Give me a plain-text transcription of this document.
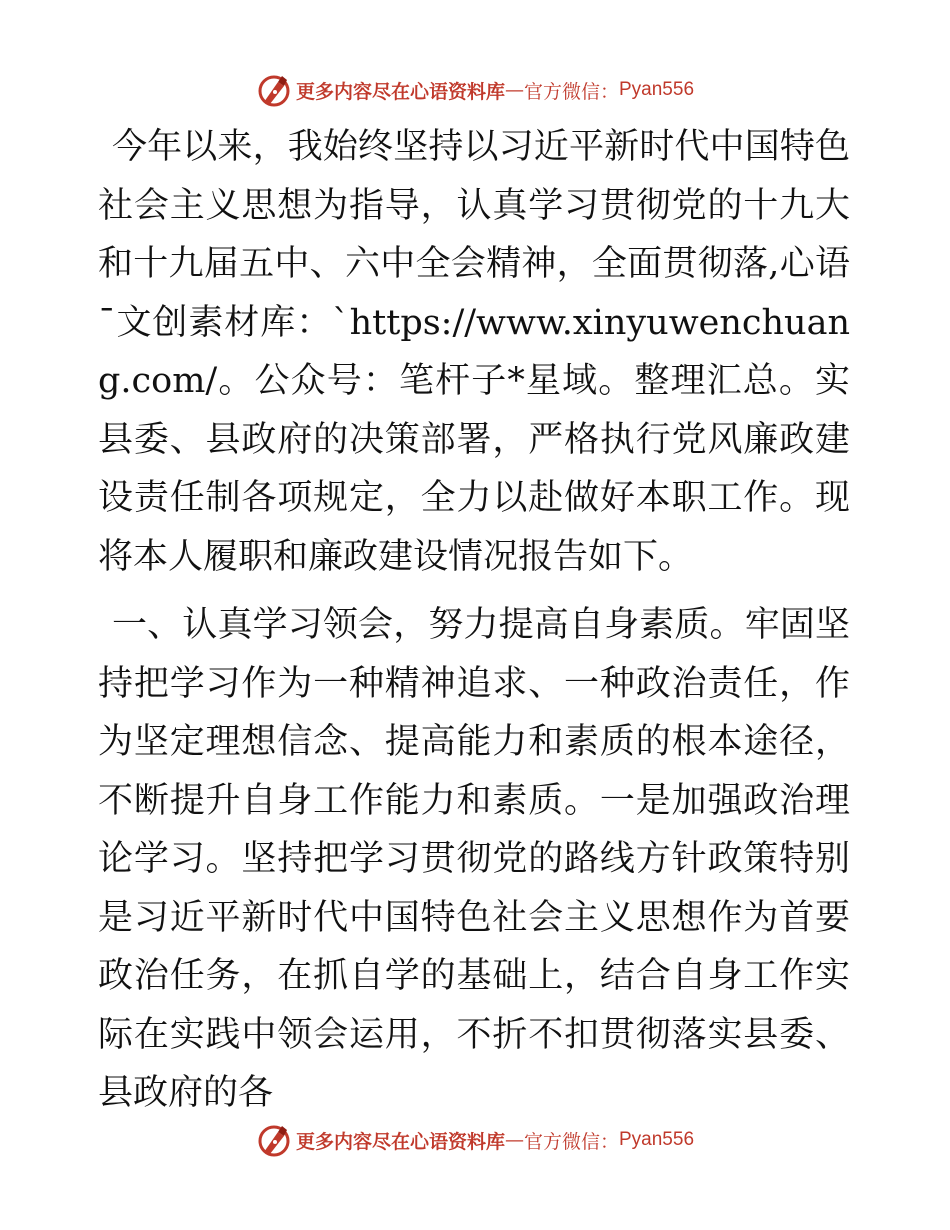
更多内容尽在心语资料库 — 官方微信： Pyan556

今年以来，我始终坚持以习近平新时代中国特色社会主义思想为指导，认真学习贯彻党的十九大和十九届五中、六中全会精神，全面贯彻落,心语¯文创素材库：`https://www.xinyuwenchuang.com/。公众号：笔杆子*星域。整理汇总。实县委、县政府的决策部署，严格执行党风廉政建设责任制各项规定，全力以赴做好本职工作。现将本人履职和廉政建设情况报告如下。

一、认真学习领会，努力提高自身素质。牢固坚持把学习作为一种精神追求、一种政治责任，作为坚定理想信念、提高能力和素质的根本途径，不断提升自身工作能力和素质。一是加强政治理论学习。坚持把学习贯彻党的路线方针政策特别是习近平新时代中国特色社会主义思想作为首要政治任务，在抓自学的基础上，结合自身工作实际在实践中领会运用，不折不扣贯彻落实县委、县政府的各

更多内容尽在心语资料库 — 官方微信： Pyan556
